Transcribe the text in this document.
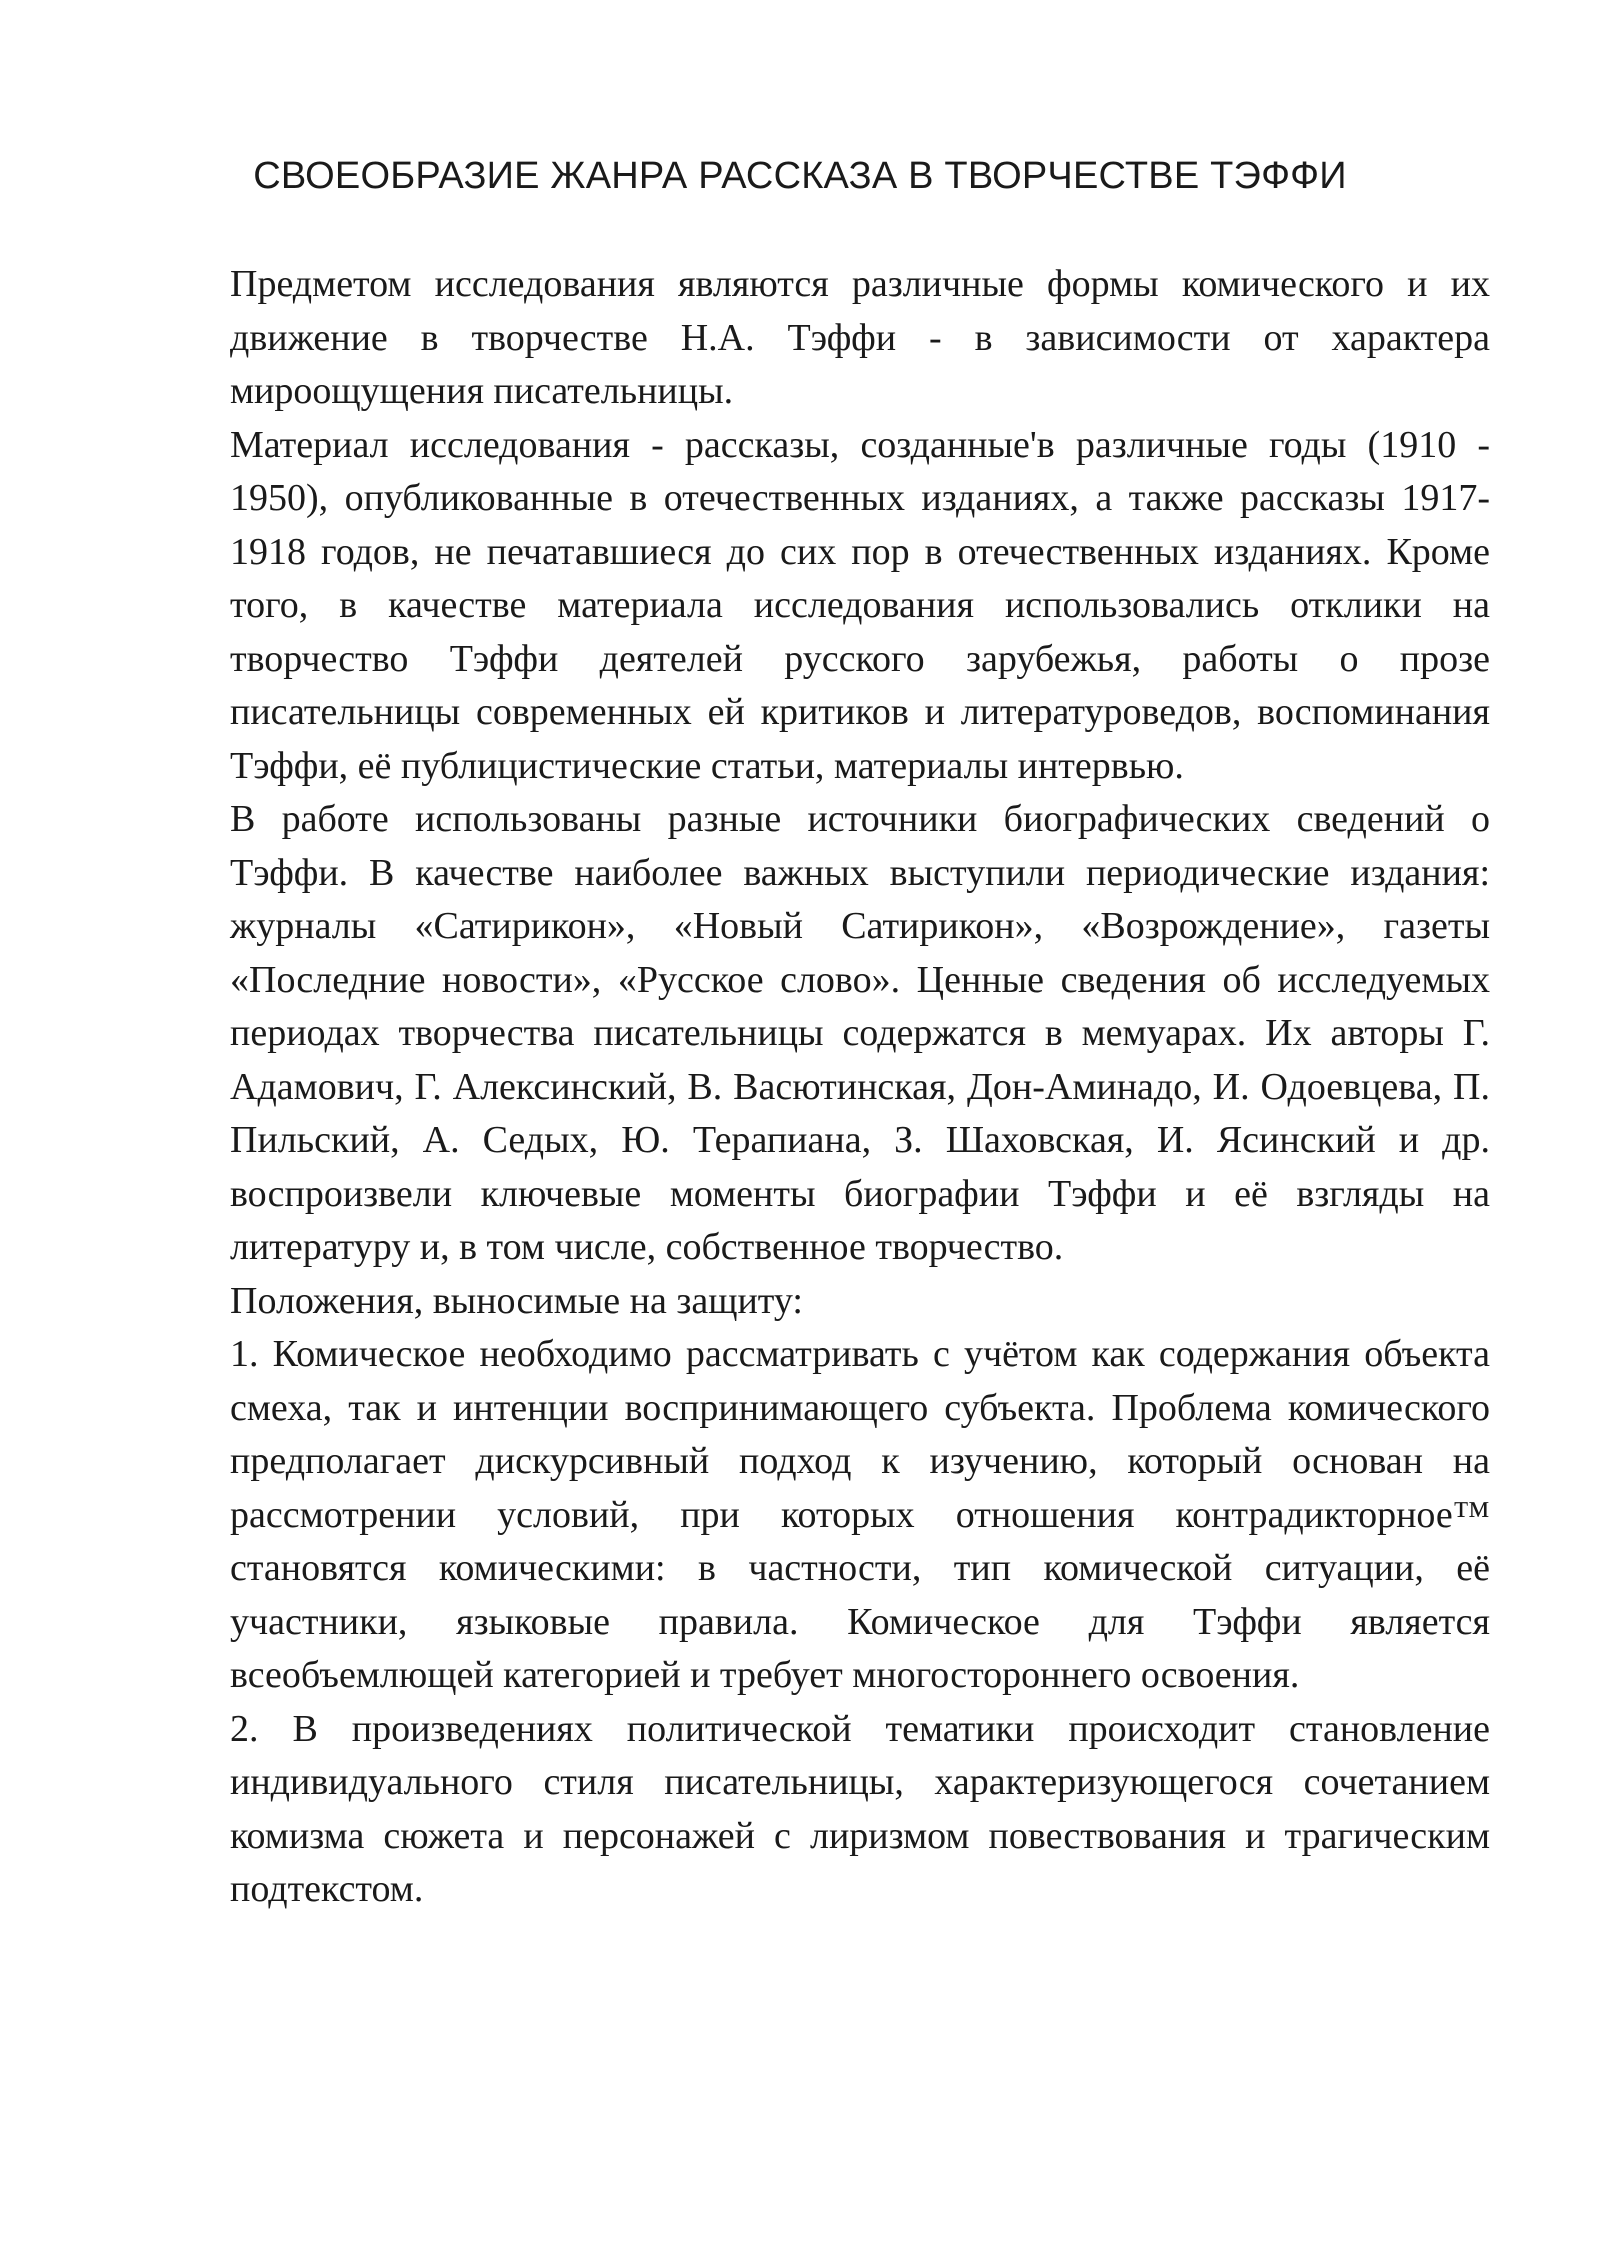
СВОЕОБРАЗИЕ ЖАНРА РАССКАЗА В ТВОРЧЕСТВЕ ТЭФФИ

Предметом исследования являются различные формы комического и их движение в творчестве Н.А. Тэффи - в зависимости от характера мироощущения писательницы.

Материал исследования - рассказы, созданные'в различные годы (1910 - 1950), опубликованные в отечественных изданиях, а также рассказы 1917-1918 годов, не печатавшиеся до сих пор в отечественных изданиях. Кроме того, в качестве материала исследования использовались отклики на творчество Тэффи деятелей русского зарубежья, работы о прозе писательницы современных ей критиков и литературоведов, воспоминания Тэффи, её публицистические статьи, материалы интервью.

В работе использованы разные источники биографических сведений о Тэффи. В качестве наиболее важных выступили периодические издания: журналы «Сатирикон», «Новый Сатирикон», «Возрождение», газеты «Последние новости», «Русское слово». Ценные сведения об исследуемых периодах творчества писательницы содержатся в мемуарах. Их авторы Г. Адамович, Г. Алексинский, В. Васютинская, Дон-Аминадо, И. Одоевцева, П. Пильский, А. Седых, Ю. Терапиана, З. Шаховская, И. Ясинский и др. воспроизвели ключевые моменты биографии Тэффи и её взгляды на литературу и, в том числе, собственное творчество.

Положения, выносимые на защиту:

1. Комическое необходимо рассматривать с учётом как содержания объекта смеха, так и интенции воспринимающего субъекта. Проблема комического предполагает дискурсивный подход к изучению, который основан на рассмотрении условий, при которых отношения контрадикторное™ становятся комическими: в частности, тип комической ситуации, её участники, языковые правила. Комическое для Тэффи является всеобъемлющей категорией и требует многостороннего освоения.

2. В произведениях политической тематики происходит становление индивидуального стиля писательницы, характеризующегося сочетанием комизма сюжета и персонажей с лиризмом повествования и трагическим подтекстом.
